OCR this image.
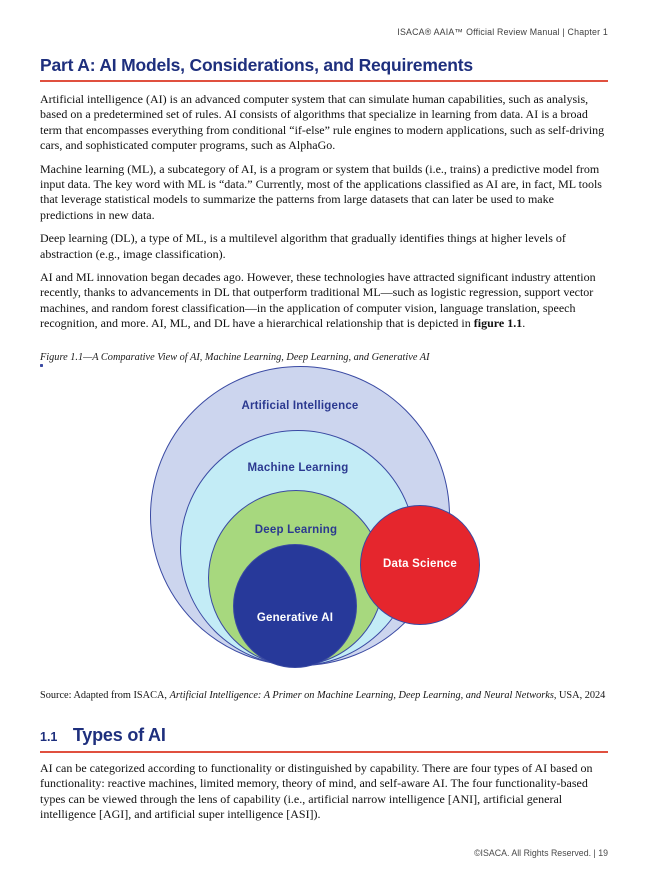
ISACA® AAIA™ Official Review Manual | Chapter 1
Part A: AI Models, Considerations, and Requirements

Artificial intelligence (AI) is an advanced computer system that can simulate human capabilities, such as analysis, based on a predetermined set of rules. AI consists of algorithms that specialize in learning from data. AI is a broad term that encompasses everything from conditional “if-else” rule engines to modern applications, such as self-driving cars, and sophisticated computer programs, such as AlphaGo.

Machine learning (ML), a subcategory of AI, is a program or system that builds (i.e., trains) a predictive model from input data. The key word with ML is “data.” Currently, most of the applications classified as AI are, in fact, ML tools that leverage statistical models to summarize the patterns from large datasets that can later be used to make predictions in new data.

Deep learning (DL), a type of ML, is a multilevel algorithm that gradually identifies things at higher levels of abstraction (e.g., image classification).

AI and ML innovation began decades ago. However, these technologies have attracted significant industry attention recently, thanks to advancements in DL that outperform traditional ML—such as logistic regression, support vector machines, and random forest classification—in the application of computer vision, language translation, speech recognition, and more. AI, ML, and DL have a hierarchical relationship that is depicted in figure 1.1.

Figure 1.1—A Comparative View of AI, Machine Learning, Deep Learning, and Generative AI
Artificial Intelligence
Machine Learning
Deep Learning
Generative AI
Data Science
Source: Adapted from ISACA, Artificial Intelligence: A Primer on Machine Learning, Deep Learning, and Neural Networks, USA, 2024
1.1 Types of AI

AI can be categorized according to functionality or distinguished by capability. There are four types of AI based on functionality: reactive machines, limited memory, theory of mind, and self-aware AI. The four functionality-based types can be viewed through the lens of capability (i.e., artificial narrow intelligence [ANI], artificial general intelligence [AGI], and artificial super intelligence [ASI]).

©ISACA. All Rights Reserved. | 19
